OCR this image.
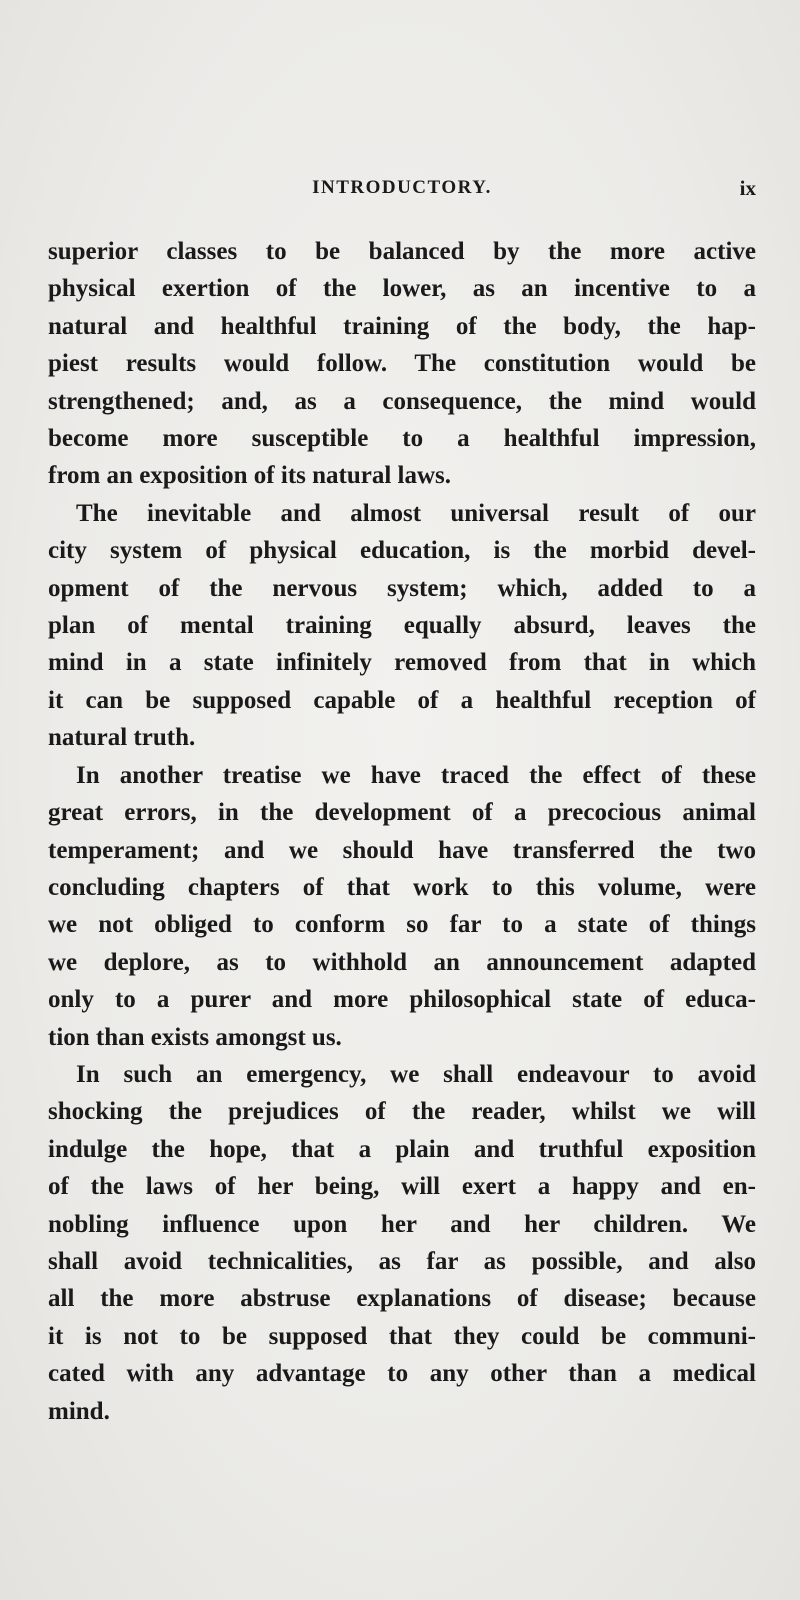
INTRODUCTORY.	ix
superior classes to be balanced by the more active
physical exertion of the lower, as an incentive to a
natural and healthful training of the body, the hap-
piest results would follow. The constitution would be
strengthened; and, as a consequence, the mind would
become more susceptible to a healthful impression,
from an exposition of its natural laws.
The inevitable and almost universal result of our
city system of physical education, is the morbid devel-
opment of the nervous system; which, added to a
plan of mental training equally absurd, leaves the
mind in a state infinitely removed from that in which
it can be supposed capable of a healthful reception of
natural truth.
In another treatise we have traced the effect of these
great errors, in the development of a precocious animal
temperament; and we should have transferred the two
concluding chapters of that work to this volume, were
we not obliged to conform so far to a state of things
we deplore, as to withhold an announcement adapted
only to a purer and more philosophical state of educa-
tion than exists amongst us.
In such an emergency, we shall endeavour to avoid
shocking the prejudices of the reader, whilst we will
indulge the hope, that a plain and truthful exposition
of the laws of her being, will exert a happy and en-
nobling influence upon her and her children. We
shall avoid technicalities, as far as possible, and also
all the more abstruse explanations of disease; because
it is not to be supposed that they could be communi-
cated with any advantage to any other than a medical
mind.
